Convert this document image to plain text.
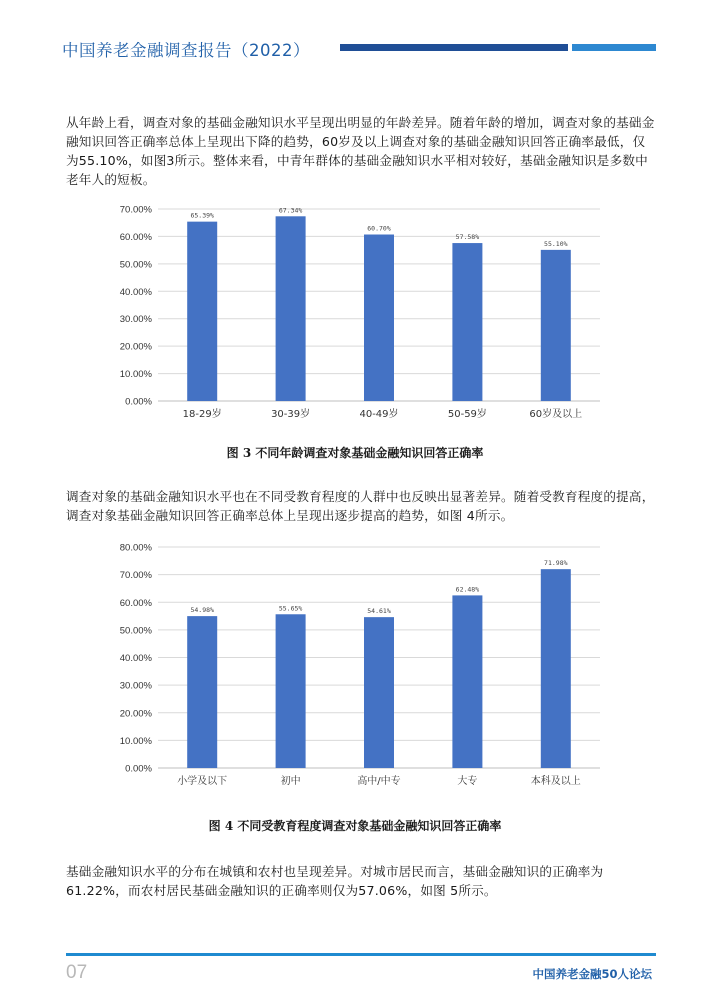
中国养老金融调查报告（2022）

从年龄上看，调查对象的基础金融知识水平呈现出明显的年龄差异。随着年龄的增加，调查对象的基础金融知识回答正确率总体上呈现出下降的趋势，60岁及以上调查对象的基础金融知识回答正确率最低，仅为55.10%，如图3所示。整体来看，中青年群体的基础金融知识水平相对较好，基础金融知识是多数中老年人的短板。

0.00%
10.00%
20.00%
30.00%
40.00%
50.00%
60.00%
70.00%
65.39%
18-29岁
67.34%
30-39岁
60.70%
40-49岁
57.58%
50-59岁
55.10%
60岁及以上
图 3 不同年龄调查对象基础金融知识回答正确率

调查对象的基础金融知识水平也在不同受教育程度的人群中也反映出显著差异。随着受教育程度的提高，调查对象基础金融知识回答正确率总体上呈现出逐步提高的趋势，如图 4所示。

0.00%
10.00%
20.00%
30.00%
40.00%
50.00%
60.00%
70.00%
80.00%
54.98%
小学及以下
55.65%
初中
54.61%
高中/中专
62.48%
大专
71.98%
本科及以上
图 4 不同受教育程度调查对象基础金融知识回答正确率

基础金融知识水平的分布在城镇和农村也呈现差异。对城市居民而言，基础金融知识的正确率为61.22%，而农村居民基础金融知识的正确率则仅为57.06%，如图 5所示。

07	中国养老金融50人论坛
